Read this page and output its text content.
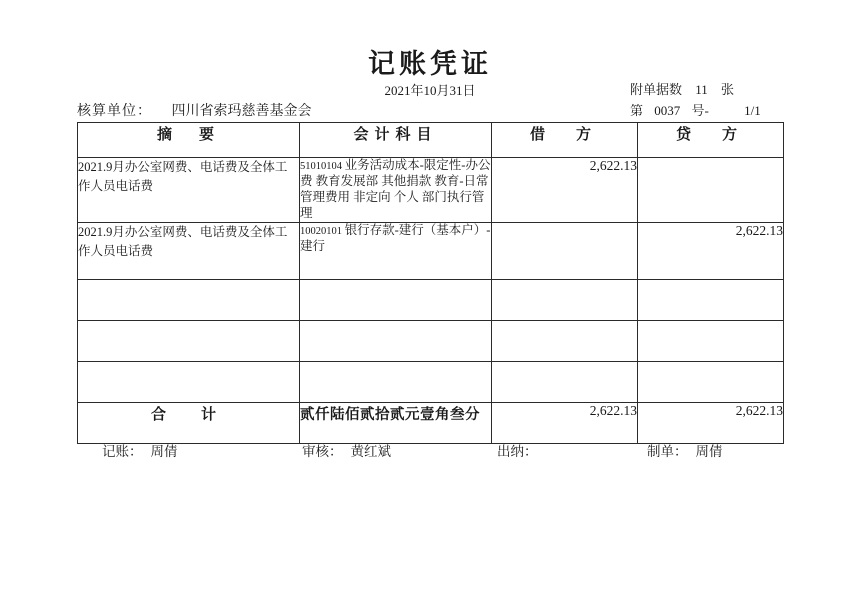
记账凭证
2021年10月31日	附单据数 11 张
第 0037 号-	1/1
核算单位： 四川省索玛慈善基金会
摘　要	会计科目	借　方	贷　方
2021.9月办公室网费、电话费及全体工作人员电话费	51010104 业务活动成本-限定性-办公费 教育发展部 其他捐款 教育-日常管理费用 非定向 个人 部门执行管理	2,622.13	
2021.9月办公室网费、电话费及全体工作人员电话费	10020101 银行存款-建行（基本户）-建行		2,622.13

合　计	贰仟陆佰贰拾贰元壹角叁分	2,622.13	2,622.13
记账： 周倩	审核： 黄红斌	出纳：	制单： 周倩
